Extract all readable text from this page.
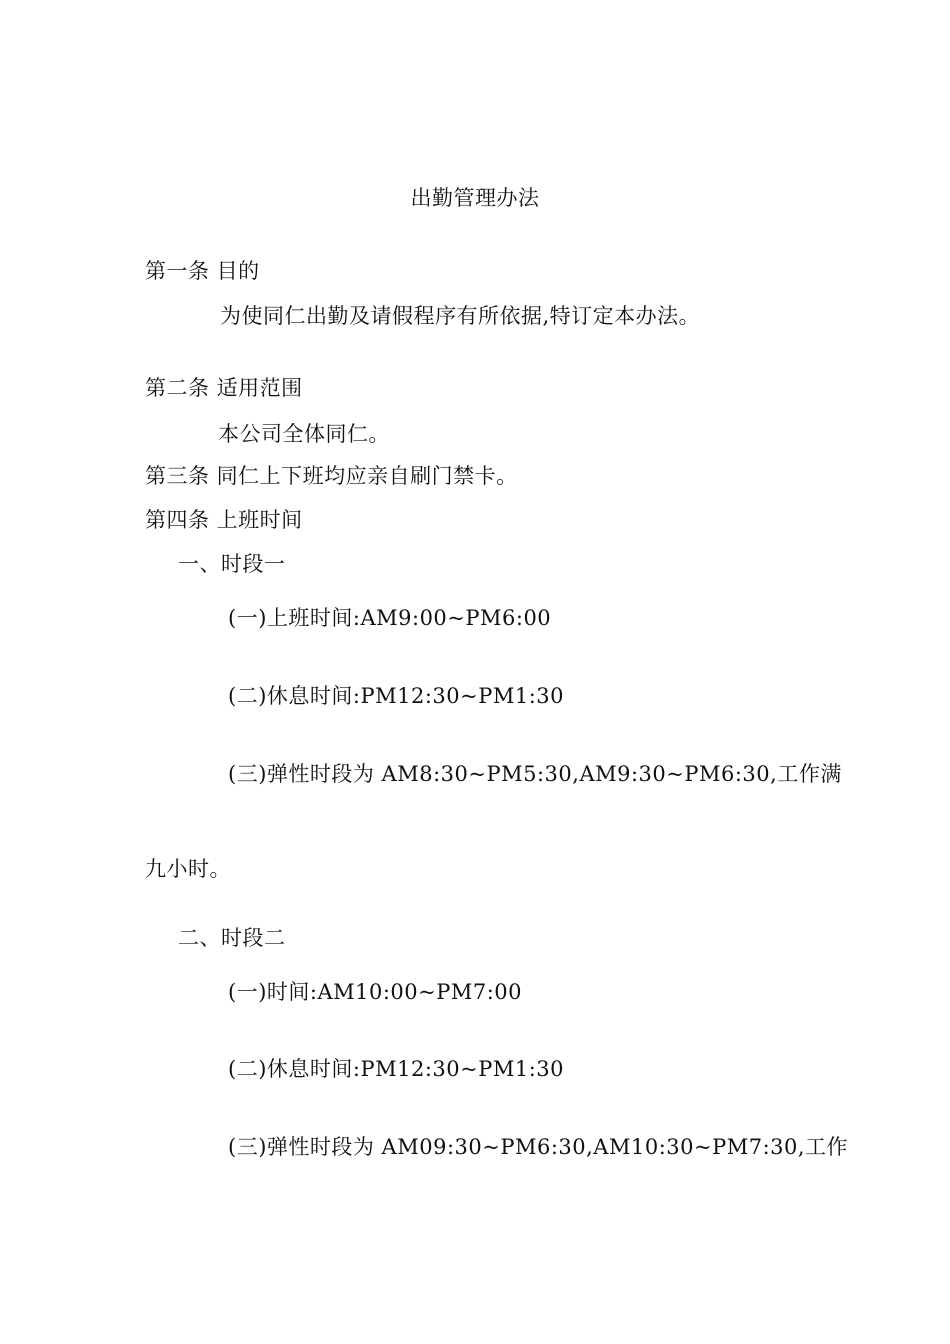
出勤管理办法
第一条 目的
为使同仁出勤及请假程序有所依据,特订定本办法。
第二条 适用范围
本公司全体同仁。
第三条 同仁上下班均应亲自刷门禁卡。
第四条 上班时间
一、时段一
(一)上班时间:AM9:00~PM6:00
(二)休息时间:PM12:30~PM1:30
(三)弹性时段为 AM8:30~PM5:30,AM9:30~PM6:30,工作满
九小时。
二、时段二
(一)时间:AM10:00~PM7:00
(二)休息时间:PM12:30~PM1:30
(三)弹性时段为 AM09:30~PM6:30,AM10:30~PM7:30,工作
